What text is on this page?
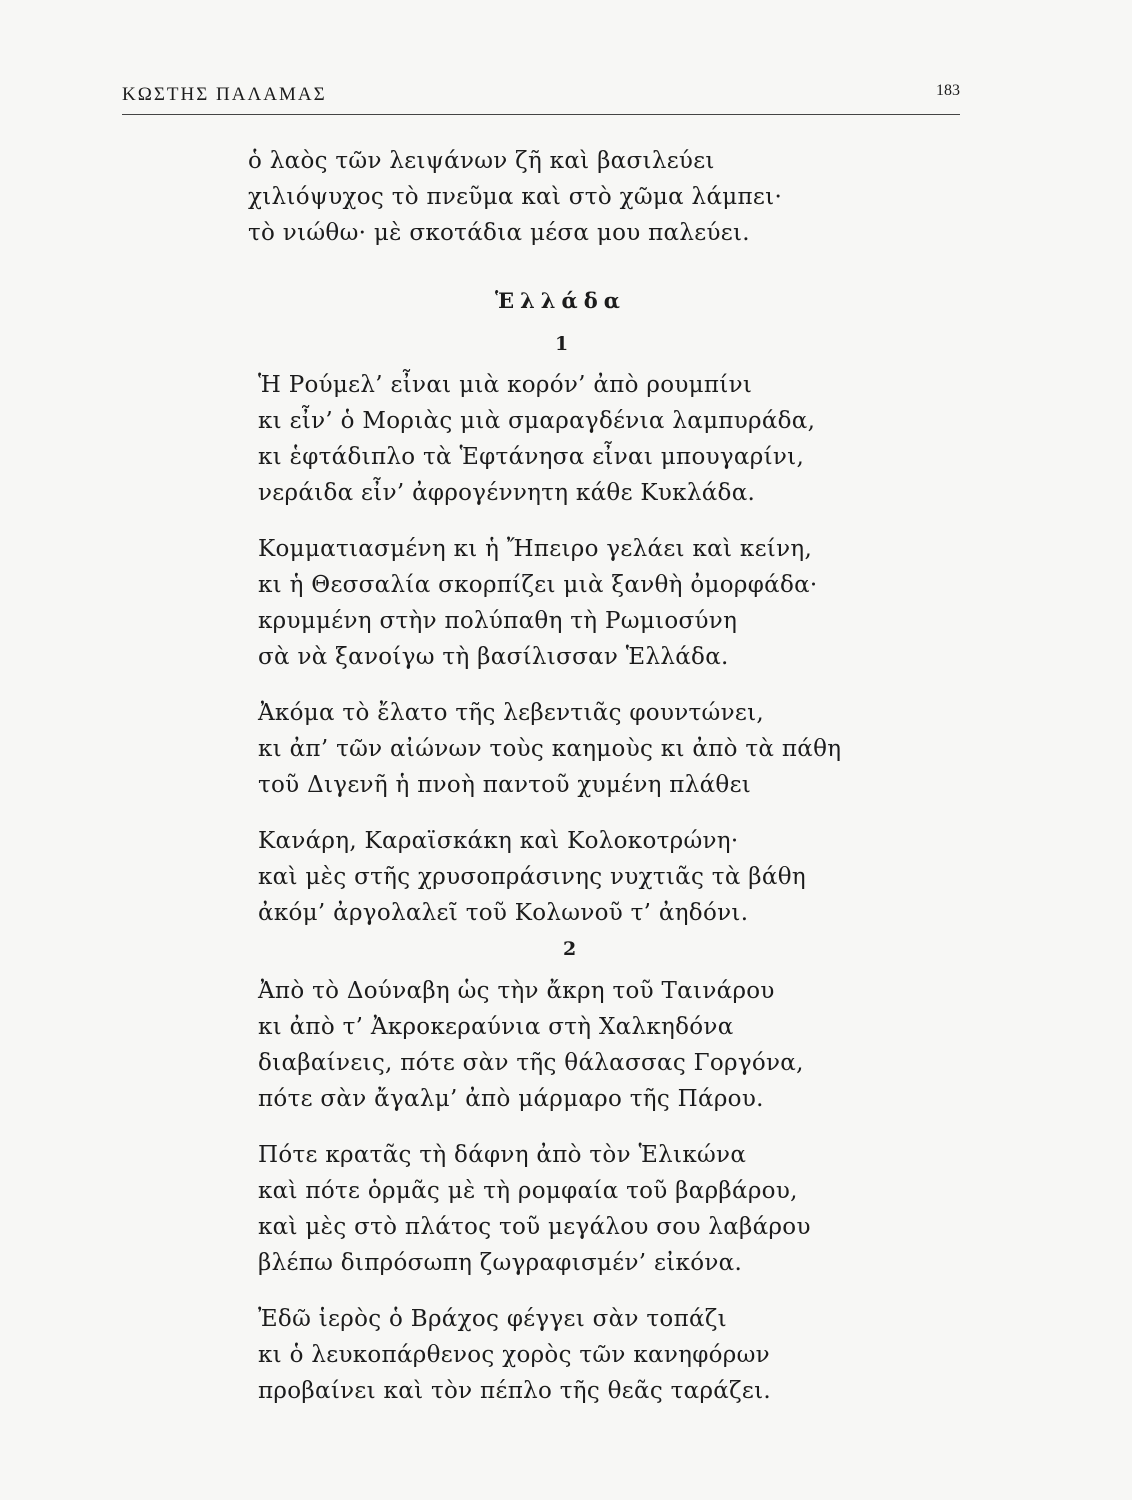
ΚΩΣΤΗΣ ΠΑΛΑΜΑΣ	183
ὁ λαὸς τῶν λειψάνων ζῆ καὶ βασιλεύει
χιλιόψυχος τὸ πνεῦμα καὶ στὸ χῶμα λάμπει·
τὸ νιώθω· μὲ σκοτάδια μέσα μου παλεύει.
Ἑλλάδα
1
Ἡ Ρούμελ’ εἶναι μιὰ κορόν’ ἀπὸ ρουμπίνι
κι εἶν’ ὁ Μοριὰς μιὰ σμαραγδένια λαμπυράδα,
κι ἑφτάδιπλο τὰ Ἑφτάνησα εἶναι μπουγαρίνι,
νεράιδα εἶν’ ἀφρογέννητη κάθε Κυκλάδα.
Κομματιασμένη κι ἡ Ἤπειρο γελάει καὶ κείνη,
κι ἡ Θεσσαλία σκορπίζει μιὰ ξανθὴ ὀμορφάδα·
κρυμμένη στὴν πολύπαθη τὴ Ρωμιοσύνη
σὰ νὰ ξανοίγω τὴ βασίλισσαν Ἑλλάδα.
Ἀκόμα τὸ ἔλατο τῆς λεβεντιᾶς φουντώνει,
κι ἀπ’ τῶν αἰώνων τοὺς καημοὺς κι ἀπὸ τὰ πάθη
τοῦ Διγενῆ ἡ πνοὴ παντοῦ χυμένη πλάθει
Κανάρη, Καραϊσκάκη καὶ Κολοκοτρώνη·
καὶ μὲς στῆς χρυσοπράσινης νυχτιᾶς τὰ βάθη
ἀκόμ’ ἀργολαλεῖ τοῦ Κολωνοῦ τ’ ἀηδόνι.
2
Ἀπὸ τὸ Δούναβη ὡς τὴν ἄκρη τοῦ Ταινάρου
κι ἀπὸ τ’ Ἀκροκεραύνια στὴ Χαλκηδόνα
διαβαίνεις, πότε σὰν τῆς θάλασσας Γοργόνα,
πότε σὰν ἄγαλμ’ ἀπὸ μάρμαρο τῆς Πάρου.
Πότε κρατᾶς τὴ δάφνη ἀπὸ τὸν Ἑλικώνα
καὶ πότε ὁρμᾶς μὲ τὴ ρομφαία τοῦ βαρβάρου,
καὶ μὲς στὸ πλάτος τοῦ μεγάλου σου λαβάρου
βλέπω διπρόσωπη ζωγραφισμέν’ εἰκόνα.
Ἐδῶ ἱερὸς ὁ Βράχος φέγγει σὰν τοπάζι
κι ὁ λευκοπάρθενος χορὸς τῶν κανηφόρων
προβαίνει καὶ τὸν πέπλο τῆς θεᾶς ταράζει.
